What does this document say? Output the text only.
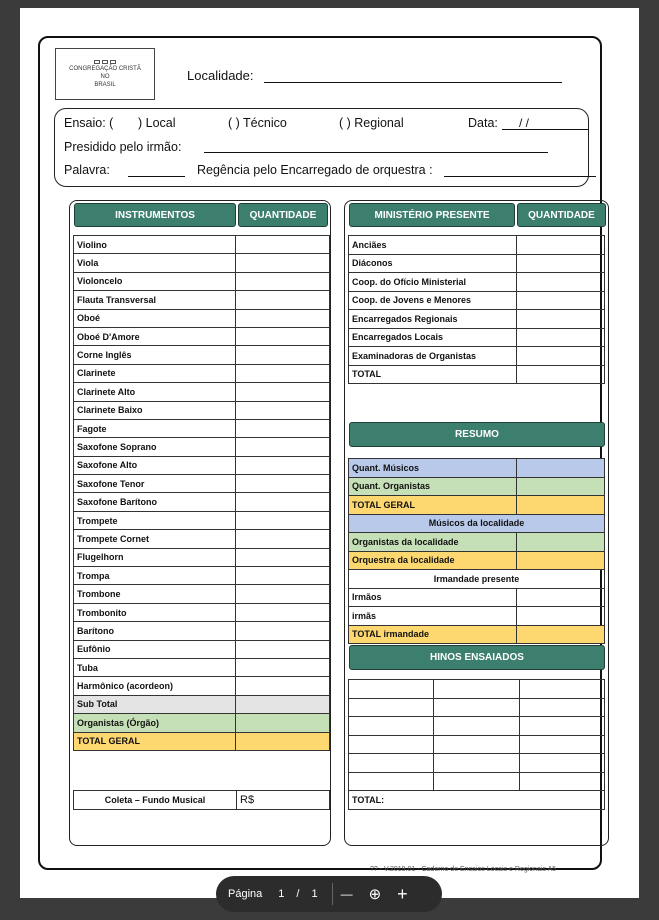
CONGREGAÇÃO CRISTÃ
NO
BRASIL
Localidade:
Ensaio: ( ) Local	( ) Técnico	( ) Regional	Data: / /
Presidido pelo irmão:
Palavra:	Regência pelo Encarregado de orquestra :
INSTRUMENTOS	QUANTIDADE
Violino	
Viola	
Violoncelo	
Flauta Transversal	
Oboé	
Oboé D'Amore	
Corne Inglês	
Clarinete	
Clarinete Alto	
Clarinete Baixo	
Fagote	
Saxofone Soprano	
Saxofone Alto	
Saxofone Tenor	
Saxofone Barítono	
Trompete	
Trompete Cornet	
Flugelhorn	
Trompa	
Trombone	
Trombonito	
Barítono	
Eufônio	
Tuba	
Harmônico (acordeon)	
Sub Total	
Organistas (Órgão)	
TOTAL GERAL	
Coleta – Fundo Musical	R$
MINISTÉRIO PRESENTE	QUANTIDADE
Anciães	
Diáconos	
Coop. do Ofício Ministerial	
Coop. de Jovens e Menores	
Encarregados Regionais	
Encarregados Locais	
Examinadoras de Organistas	
TOTAL	
RESUMO
Quant. Músicos	
Quant. Organistas	
TOTAL GERAL	
Músicos da localidade	
Organistas da localidade	
Orquestra da localidade	
Irmandade presente	
Irmãos	
irmãs	
TOTAL irmandade	
HINOS ENSAIADOS

TOTAL:
?? - V.2019.01 - Caderno de Ensaios Locais e Regionais A5
Página 1 / 1 — ⊕ +
